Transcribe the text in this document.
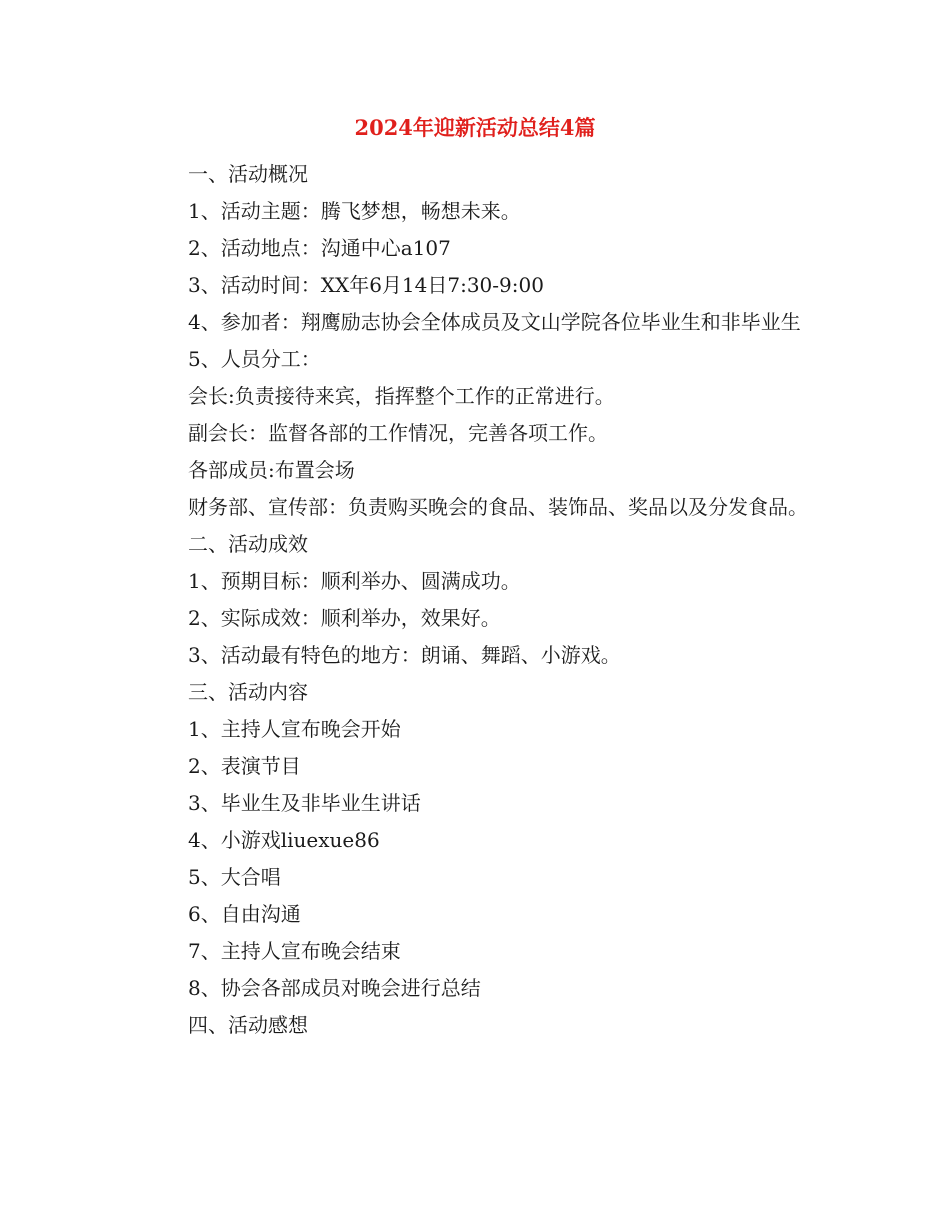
2024年迎新活动总结4篇

一、活动概况

1、活动主题：腾飞梦想，畅想未来。

2、活动地点：沟通中心a107

3、活动时间：XX年6月14日7:30-9:00

4、参加者：翔鹰励志协会全体成员及文山学院各位毕业生和非毕业生

5、人员分工：

会长:负责接待来宾，指挥整个工作的正常进行。

副会长：监督各部的工作情况，完善各项工作。

各部成员:布置会场

财务部、宣传部：负责购买晚会的食品、装饰品、奖品以及分发食品。

二、活动成效

1、预期目标：顺利举办、圆满成功。

2、实际成效：顺利举办，效果好。

3、活动最有特色的地方：朗诵、舞蹈、小游戏。

三、活动内容

1、主持人宣布晚会开始

2、表演节目

3、毕业生及非毕业生讲话

4、小游戏liuexue86

5、大合唱

6、自由沟通

7、主持人宣布晚会结束

8、协会各部成员对晚会进行总结

四、活动感想
